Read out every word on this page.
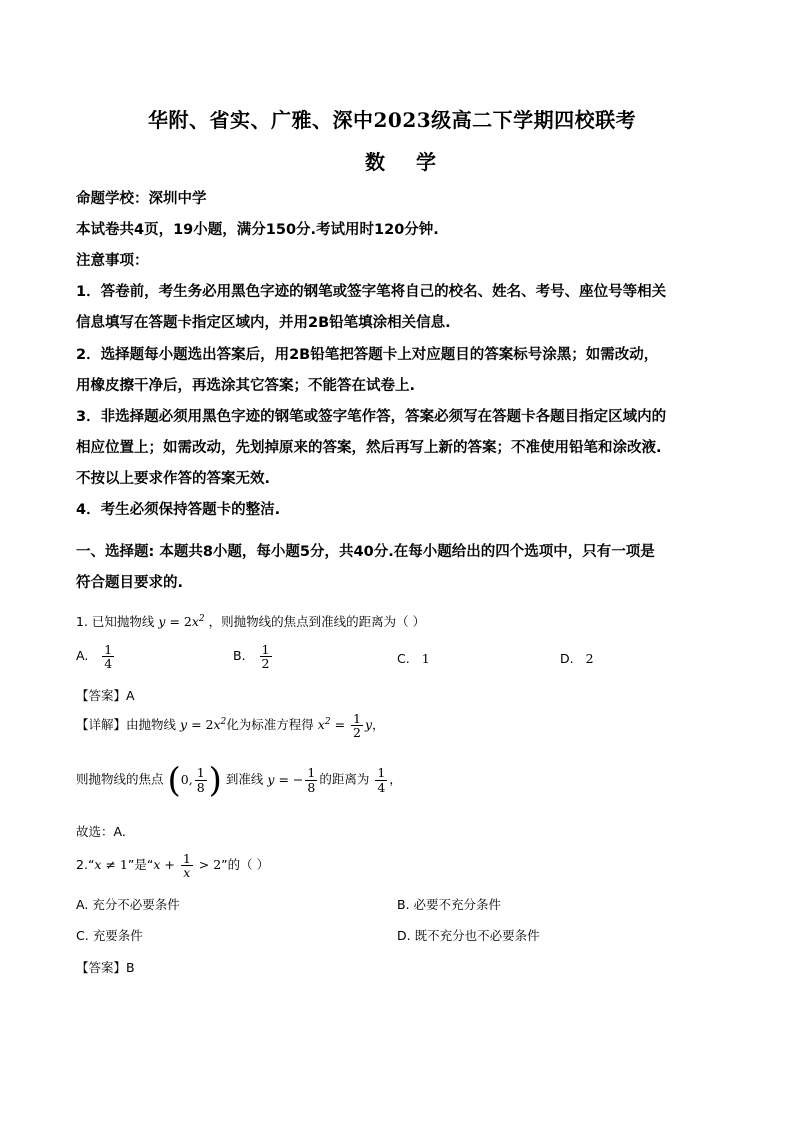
华附、省实、广雅、深中2023级高二下学期四校联考
数 学
命题学校：深圳中学
本试卷共4页，19小题，满分150分.考试用时120分钟.
注意事项：
1．答卷前，考生务必用黑色字迹的钢笔或签字笔将自己的校名、姓名、考号、座位号等相关
信息填写在答题卡指定区域内，并用2B铅笔填涂相关信息.
2．选择题每小题选出答案后，用2B铅笔把答题卡上对应题目的答案标号涂黑；如需改动，
用橡皮擦干净后，再选涂其它答案；不能答在试卷上.
3．非选择题必须用黑色字迹的钢笔或签字笔作答，答案必须写在答题卡各题目指定区域内的
相应位置上；如需改动，先划掉原来的答案，然后再写上新的答案；不准使用铅笔和涂改液.
不按以上要求作答的答案无效.
4．考生必须保持答题卡的整洁.
一、选择题: 本题共8小题，每小题5分，共40分.在每小题给出的四个选项中，只有一项是
符合题目要求的.
1. 已知抛物线 $y = 2x^2$ ，则抛物线的焦点到准线的距离为（ ）
A. $\frac{1}{4}$	B. $\frac{1}{2}$	C. 1	D. 2
【答案】A
【详解】由抛物线 $y = 2x^2$化为标准方程得 $x^2 = \frac{1}{2}$ y，
则抛物线的焦点 (0, $\frac{1}{8}$ ) 到准线 y = − $\frac{1}{8}$ 的距离为 $\frac{1}{4}$ ，
故选：A.
2.“x ≠ 1”是“$x + \frac{1}{x} > 2$”的（ ）
A. 充分不必要条件	B. 必要不充分条件
C. 充要条件	D. 既不充分也不必要条件
【答案】B
